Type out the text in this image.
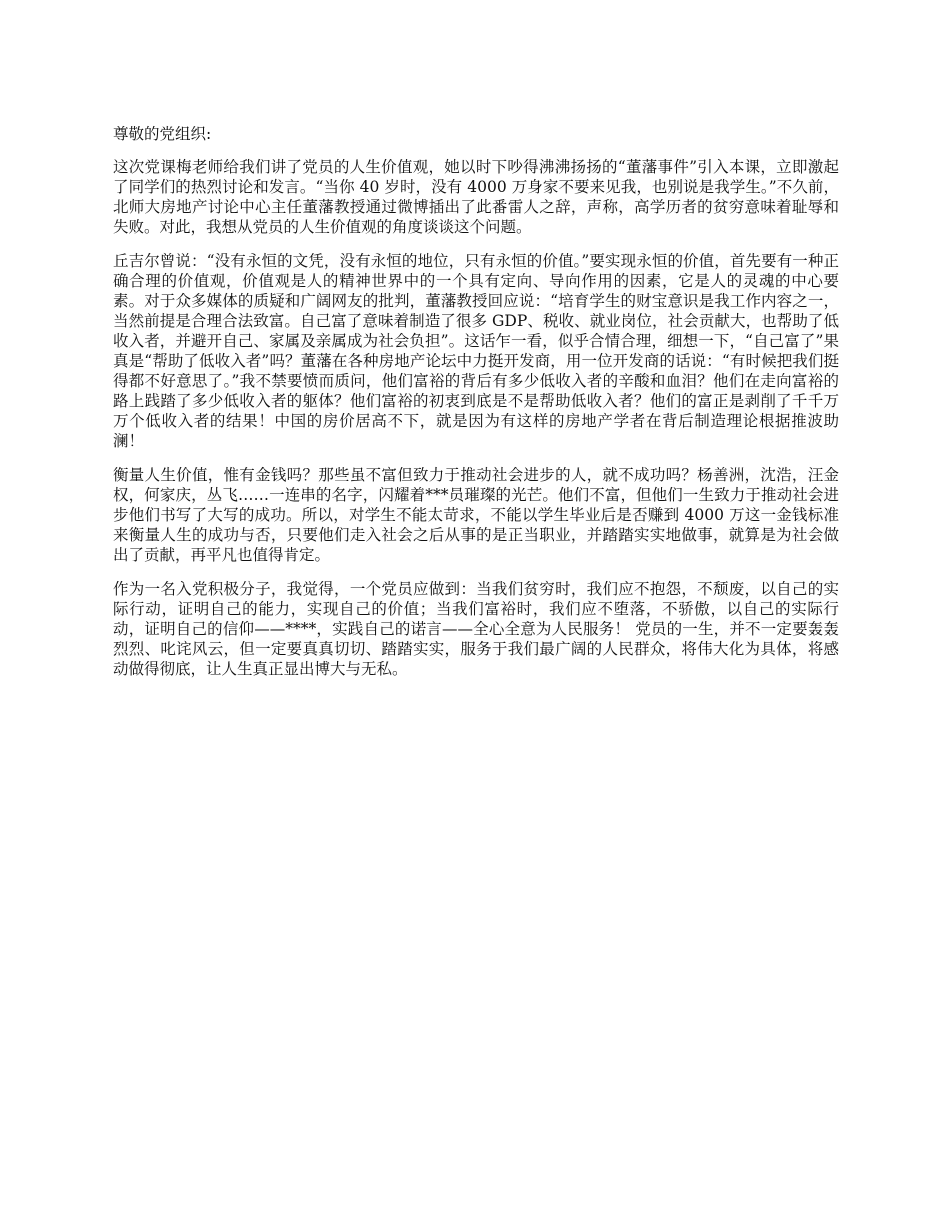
尊敬的党组织:

这次党课梅老师给我们讲了党员的人生价值观，她以时下吵得沸沸扬扬的“董藩事件”引入本课，立即激起了同学们的热烈讨论和发言。“当你 40 岁时，没有 4000 万身家不要来见我，也别说是我学生。”不久前，北师大房地产讨论中心主任董藩教授通过微博插出了此番雷人之辞，声称，高学历者的贫穷意味着耻辱和失败。对此，我想从党员的人生价值观的角度谈谈这个问题。

丘吉尔曾说：“没有永恒的文凭，没有永恒的地位，只有永恒的价值。”要实现永恒的价值，首先要有一种正确合理的价值观，价值观是人的精神世界中的一个具有定向、导向作用的因素，它是人的灵魂的中心要素。对于众多媒体的质疑和广阔网友的批判，董藩教授回应说：“培育学生的财宝意识是我工作内容之一，当然前提是合理合法致富。自己富了意味着制造了很多 GDP、税收、就业岗位，社会贡献大，也帮助了低收入者，并避开自己、家属及亲属成为社会负担”。这话乍一看，似乎合情合理，细想一下，“自己富了”果真是“帮助了低收入者”吗？董藩在各种房地产论坛中力挺开发商，用一位开发商的话说：“有时候把我们挺得都不好意思了。”我不禁要愤而质问，他们富裕的背后有多少低收入者的辛酸和血泪？他们在走向富裕的路上践踏了多少低收入者的躯体？他们富裕的初衷到底是不是帮助低收入者？他们的富正是剥削了千千万万个低收入者的结果！中国的房价居高不下，就是因为有这样的房地产学者在背后制造理论根据推波助澜！

衡量人生价值，惟有金钱吗？那些虽不富但致力于推动社会进步的人，就不成功吗？杨善洲，沈浩，汪金权，何家庆，丛飞……一连串的名字，闪耀着***员璀璨的光芒。他们不富，但他们一生致力于推动社会进步他们书写了大写的成功。所以，对学生不能太苛求，不能以学生毕业后是否赚到 4000 万这一金钱标准来衡量人生的成功与否，只要他们走入社会之后从事的是正当职业，并踏踏实实地做事，就算是为社会做出了贡献，再平凡也值得肯定。

作为一名入党积极分子，我觉得，一个党员应做到：当我们贫穷时，我们应不抱怨，不颓废，以自己的实际行动，证明自己的能力，实现自己的价值；当我们富裕时，我们应不堕落，不骄傲，以自己的实际行动，证明自己的信仰——****，实践自己的诺言——全心全意为人民服务！ 党员的一生，并不一定要轰轰烈烈、叱诧风云，但一定要真真切切、踏踏实实，服务于我们最广阔的人民群众，将伟大化为具体，将感动做得彻底，让人生真正显出博大与无私。
